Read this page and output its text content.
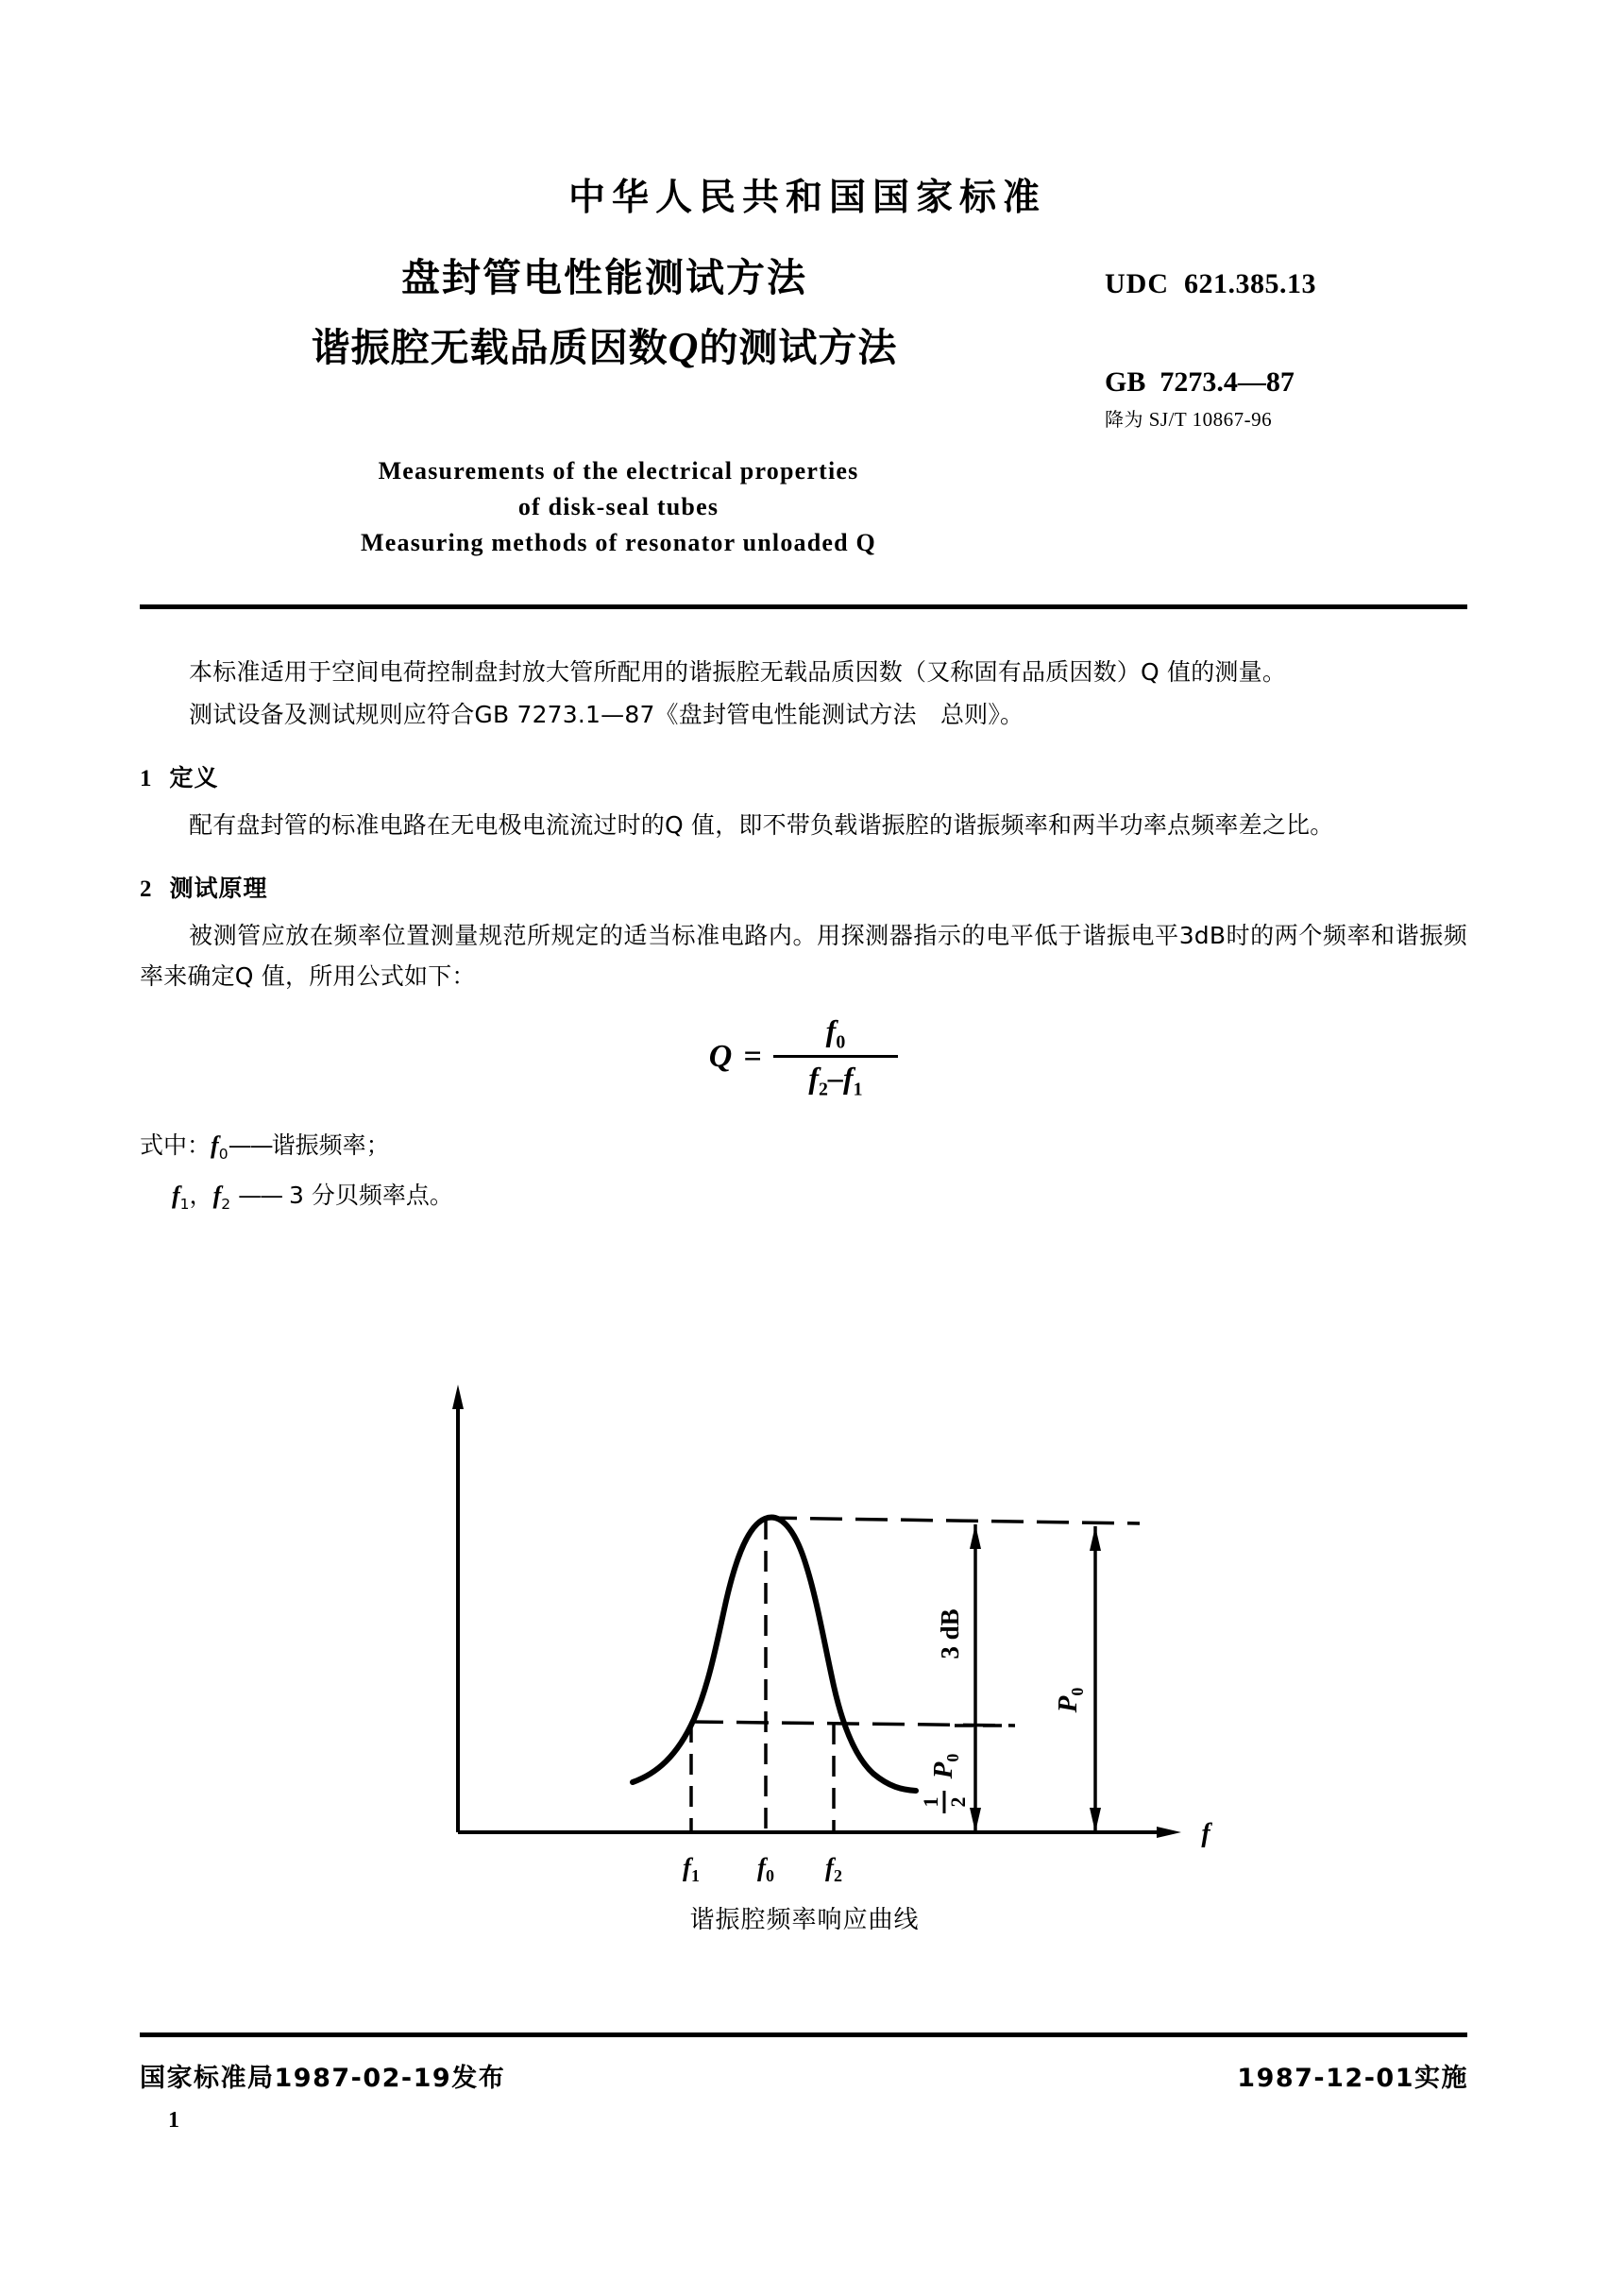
中华人民共和国国家标准
盘封管电性能测试方法
谐振腔无载品质因数Q的测试方法
UDC 621.385.13
GB 7273.4—87
降为 SJ/T 10867-96
Measurements of the electrical properties
of disk‑seal tubes
Measuring methods of resonator unloaded Q

本标准适用于空间电荷控制盘封放大管所配用的谐振腔无载品质因数（又称固有品质因数）Q 值的测量。

测试设备及测试规则应符合GB 7273.1—87《盘封管电性能测试方法　总则》。

1 定义

配有盘封管的标准电路在无电极电流流过时的Q 值，即不带负载谐振腔的谐振频率和两半功率点频率差之比。

2 测试原理

被测管应放在频率位置测量规范所规定的适当标准电路内。用探测器指示的电平低于谐振电平3dB时的两个频率和谐振频率来确定Q 值，所用公式如下：

$Q = \frac{f_0}{f_2-f_1}$

式中：$f_0——$谐振频率；

$f_1$，$f_2$ —— 3 分贝频率点。

3 dB
$P_0$
1 2
$P_0$
$f_1$ $f_0$ $f_2$
f
谐振腔频率响应曲线
国家标准局1987-02-19发布	1987-12-01实施
1
